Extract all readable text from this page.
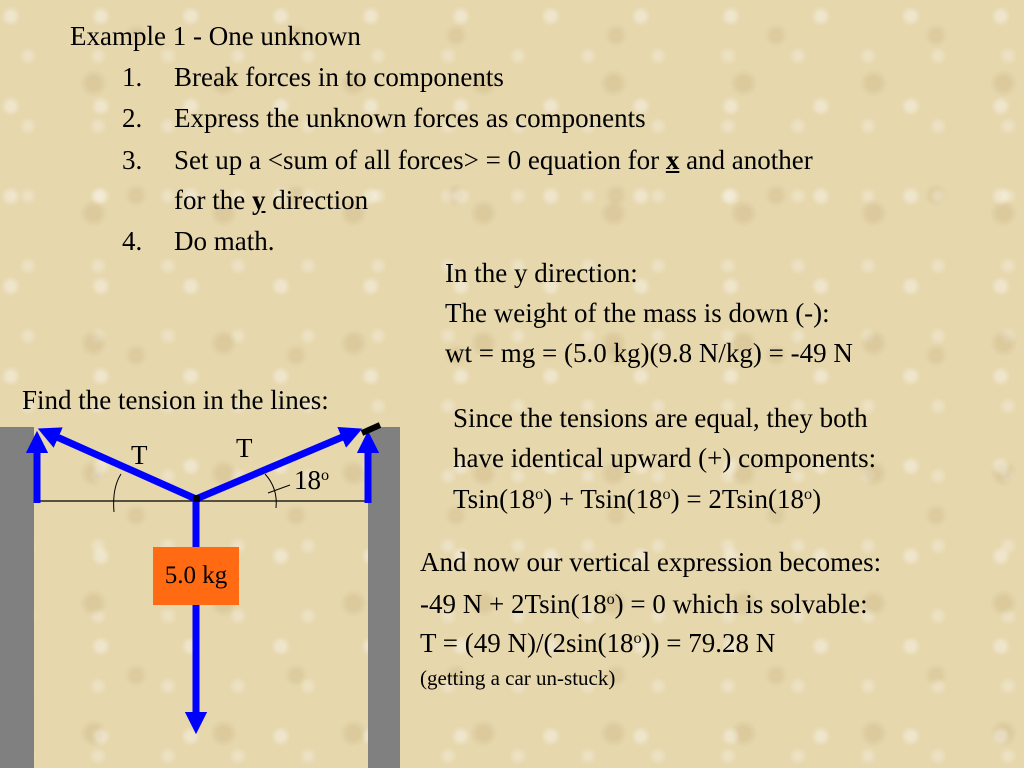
Example 1 - One unknown
1. Break forces in to components
2. Express the unknown forces as components
3. Set up a <sum of all forces> = 0 equation for x and another
for the y direction
4. Do math.
In the y direction:
The weight of the mass is down (-):
wt = mg = (5.0 kg)(9.8 N/kg) = -49 N
Find the tension in the lines:
Since the tensions are equal, they both
have identical upward (+) components:
$Tsin(18^o) + Tsin(18^o) = 2Tsin(18^o)$
And now our vertical expression becomes:
-49 $N + 2Tsin(18^o) = 0$ which is solvable:
T = (49 $N)/(2\sin(18^o)) = 79.28$ N
(getting a car un-stuck)
T	T
18$^o$
5.0 kg
